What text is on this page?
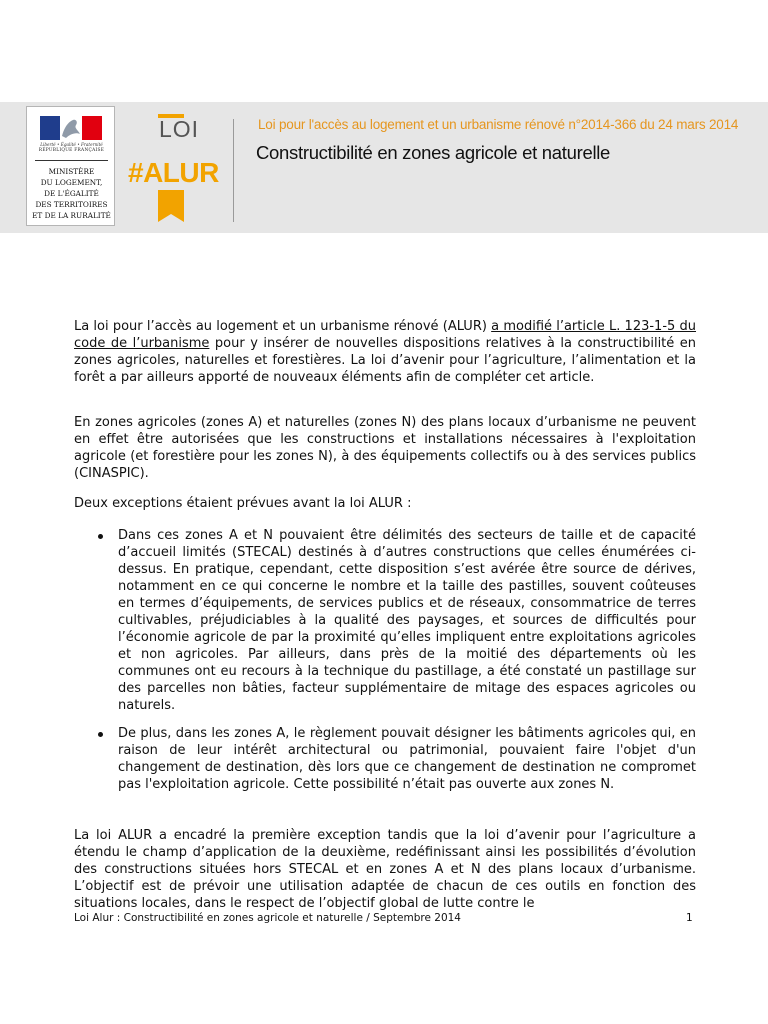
Liberté • Égalité • Fraternité
RÉPUBLIQUE FRANÇAISE
MINISTÈRE
DU LOGEMENT,
DE L'ÉGALITÉ
DES TERRITOIRES
ET DE LA RURALITÉ
LOI
#ALUR
Loi pour l'accès au logement et un urbanisme rénové n°2014-366 du 24 mars 2014
Constructibilité en zones agricole et naturelle

La loi pour l’accès au logement et un urbanisme rénové (ALUR) a modifié l’article L. 123-1-5 du code de l’urbanisme pour y insérer de nouvelles dispositions relatives à la constructibilité en zones agricoles, naturelles et forestières. La loi d’avenir pour l’agriculture, l’alimentation et la forêt a par ailleurs apporté de nouveaux éléments afin de compléter cet article.

En zones agricoles (zones A) et naturelles (zones N) des plans locaux d’urbanisme ne peuvent en effet être autorisées que les constructions et installations nécessaires à l'exploitation agricole (et forestière pour les zones N), à des équipements collectifs ou à des services publics (CINASPIC).

Deux exceptions étaient prévues avant la loi ALUR :

Dans ces zones A et N pouvaient être délimités des secteurs de taille et de capacité d’accueil limités (STECAL) destinés à d’autres constructions que celles énumérées ci-dessus. En pratique, cependant, cette disposition s’est avérée être source de dérives, notamment en ce qui concerne le nombre et la taille des pastilles, souvent coûteuses en termes d’équipements, de services publics et de réseaux, consommatrice de terres cultivables, préjudiciables à la qualité des paysages, et sources de difficultés pour l’économie agricole de par la proximité qu’elles impliquent entre exploitations agricoles et non agricoles. Par ailleurs, dans près de la moitié des départements où les communes ont eu recours à la technique du pastillage, a été constaté un pastillage sur des parcelles non bâties, facteur supplémentaire de mitage des espaces agricoles ou naturels.
De plus, dans les zones A, le règlement pouvait désigner les bâtiments agricoles qui, en raison de leur intérêt architectural ou patrimonial, pouvaient faire l'objet d'un changement de destination, dès lors que ce changement de destination ne compromet pas l'exploitation agricole. Cette possibilité n’était pas ouverte aux zones N.

La loi ALUR a encadré la première exception tandis que la loi d’avenir pour l’agriculture a étendu le champ d’application de la deuxième, redéfinissant ainsi les possibilités d’évolution des constructions situées hors STECAL et en zones A et N des plans locaux d’urbanisme. L’objectif est de prévoir une utilisation adaptée de chacun de ces outils en fonction des situations locales, dans le respect de l’objectif global de lutte contre le

Loi Alur : Constructibilité en zones agricole et naturelle / Septembre 2014	1
